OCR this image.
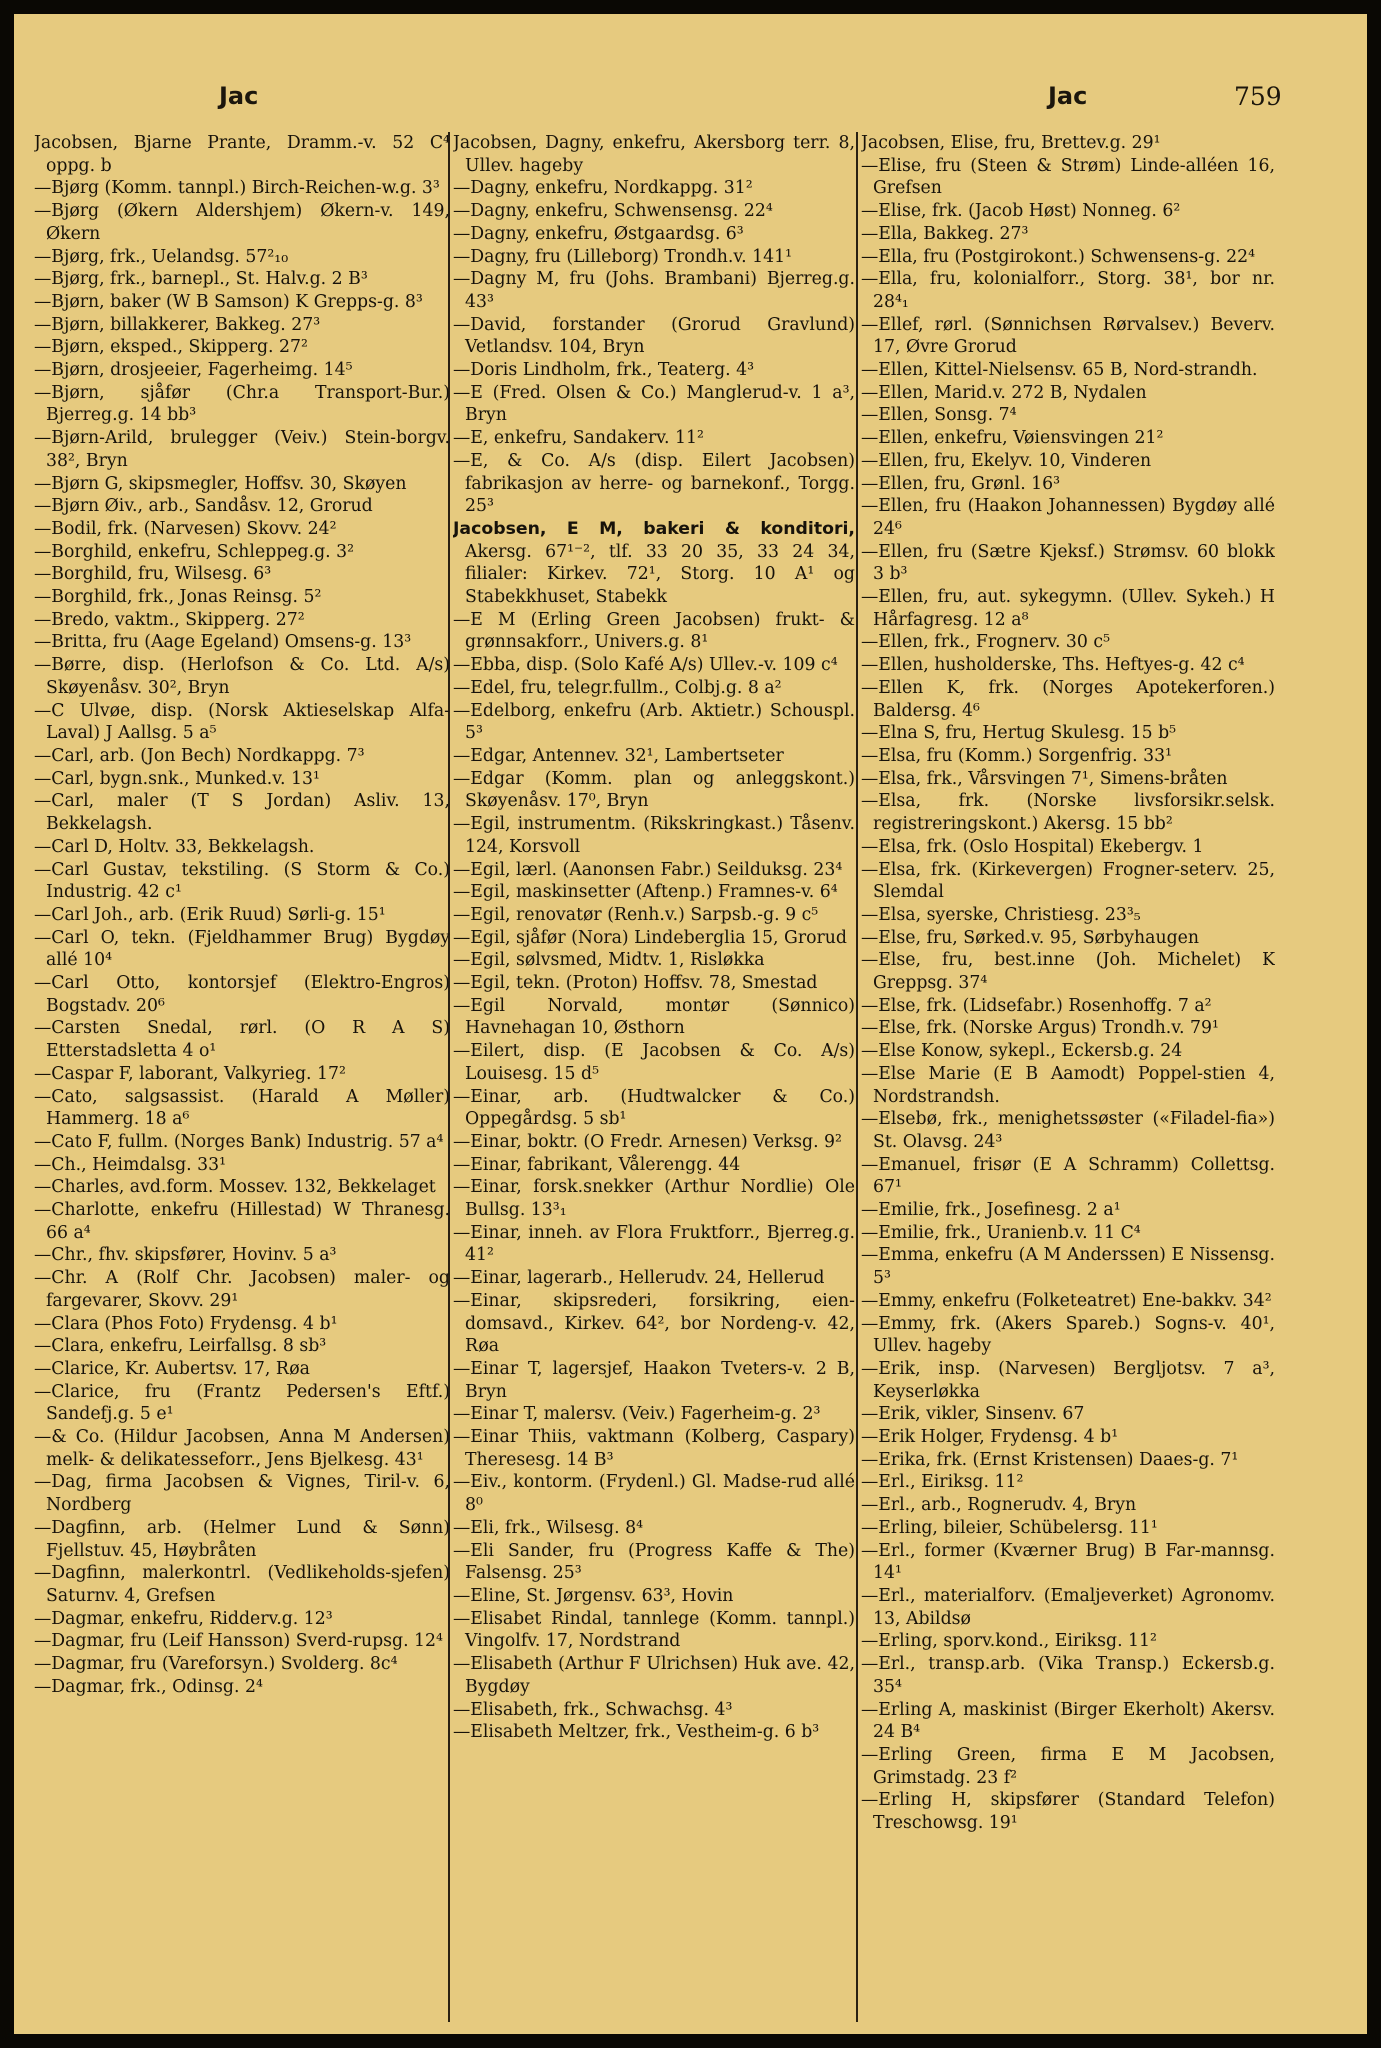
Jac	Jac	759
Jacobsen, Bjarne Prante, Dramm.-v. 52 C⁴ oppg. b
—Bjørg (Komm. tannpl.) Birch-Reichen-w.g. 3³
—Bjørg (Økern Aldershjem) Økern-v. 149, Økern
—Bjørg, frk., Uelandsg. 57²₁₀
—Bjørg, frk., barnepl., St. Halv.g. 2 B³
—Bjørn, baker (W B Samson) K Grepps-g. 8³
—Bjørn, billakkerer, Bakkeg. 27³
—Bjørn, eksped., Skipperg. 27²
—Bjørn, drosjeeier, Fagerheimg. 14⁵
—Bjørn, sjåfør (Chr.a Transport-Bur.) Bjerreg.g. 14 bb³
—Bjørn-Arild, brulegger (Veiv.) Stein-borgv. 38², Bryn
—Bjørn G, skipsmegler, Hoffsv. 30, Skøyen
—Bjørn Øiv., arb., Sandåsv. 12, Grorud
—Bodil, frk. (Narvesen) Skovv. 24²
—Borghild, enkefru, Schleppeg.g. 3²
—Borghild, fru, Wilsesg. 6³
—Borghild, frk., Jonas Reinsg. 5²
—Bredo, vaktm., Skipperg. 27²
—Britta, fru (Aage Egeland) Omsens-g. 13³
—Børre, disp. (Herlofson & Co. Ltd. A/s) Skøyenåsv. 30², Bryn
—C Ulvøe, disp. (Norsk Aktieselskap Alfa-Laval) J Aallsg. 5 a⁵
—Carl, arb. (Jon Bech) Nordkappg. 7³
—Carl, bygn.snk., Munked.v. 13¹
—Carl, maler (T S Jordan) Asliv. 13, Bekkelagsh.
—Carl D, Holtv. 33, Bekkelagsh.
—Carl Gustav, tekstiling. (S Storm & Co.) Industrig. 42 c¹
—Carl Joh., arb. (Erik Ruud) Sørli-g. 15¹
—Carl O, tekn. (Fjeldhammer Brug) Bygdøy allé 10⁴
—Carl Otto, kontorsjef (Elektro-Engros) Bogstadv. 20⁶
—Carsten Snedal, rørl. (O R A S) Etterstadsletta 4 o¹
—Caspar F, laborant, Valkyrieg. 17²
—Cato, salgsassist. (Harald A Møller) Hammerg. 18 a⁶
—Cato F, fullm. (Norges Bank) Industrig. 57 a⁴
—Ch., Heimdalsg. 33¹
—Charles, avd.form. Mossev. 132, Bekkelaget
—Charlotte, enkefru (Hillestad) W Thranesg. 66 a⁴
—Chr., fhv. skipsfører, Hovinv. 5 a³
—Chr. A (Rolf Chr. Jacobsen) maler- og fargevarer, Skovv. 29¹
—Clara (Phos Foto) Frydensg. 4 b¹
—Clara, enkefru, Leirfallsg. 8 sb³
—Clarice, Kr. Aubertsv. 17, Røa
—Clarice, fru (Frantz Pedersen's Eftf.) Sandefj.g. 5 e¹
—& Co. (Hildur Jacobsen, Anna M Andersen) melk- & delikatesseforr., Jens Bjelkesg. 43¹
—Dag, firma Jacobsen & Vignes, Tiril-v. 6, Nordberg
—Dagfinn, arb. (Helmer Lund & Sønn) Fjellstuv. 45, Høybråten
—Dagfinn, malerkontrl. (Vedlikeholds-sjefen) Saturnv. 4, Grefsen
—Dagmar, enkefru, Ridderv.g. 12³
—Dagmar, fru (Leif Hansson) Sverd-rupsg. 12⁴
—Dagmar, fru (Vareforsyn.) Svolderg. 8c⁴
—Dagmar, frk., Odinsg. 2⁴
Jacobsen, Dagny, enkefru, Akersborg terr. 8, Ullev. hageby
—Dagny, enkefru, Nordkappg. 31²
—Dagny, enkefru, Schwensensg. 22⁴
—Dagny, enkefru, Østgaardsg. 6³
—Dagny, fru (Lilleborg) Trondh.v. 141¹
—Dagny M, fru (Johs. Brambani) Bjerreg.g. 43³
—David, forstander (Grorud Gravlund) Vetlandsv. 104, Bryn
—Doris Lindholm, frk., Teaterg. 4³
—E (Fred. Olsen & Co.) Manglerud-v. 1 a³, Bryn
—E, enkefru, Sandakerv. 11²
—E, & Co. A/s (disp. Eilert Jacobsen) fabrikasjon av herre- og barnekonf., Torgg. 25³
Jacobsen, E M, bakeri & konditori, Akersg. 67¹⁻², tlf. 33 20 35, 33 24 34, filialer: Kirkev. 72¹, Storg. 10 A¹ og Stabekkhuset, Stabekk
—E M (Erling Green Jacobsen) frukt- & grønnsakforr., Univers.g. 8¹
—Ebba, disp. (Solo Kafé A/s) Ullev.-v. 109 c⁴
—Edel, fru, telegr.fullm., Colbj.g. 8 a²
—Edelborg, enkefru (Arb. Aktietr.) Schouspl. 5³
—Edgar, Antennev. 32¹, Lambertseter
—Edgar (Komm. plan og anleggskont.) Skøyenåsv. 17⁰, Bryn
—Egil, instrumentm. (Rikskringkast.) Tåsenv. 124, Korsvoll
—Egil, lærl. (Aanonsen Fabr.) Seilduksg. 23⁴
—Egil, maskinsetter (Aftenp.) Framnes-v. 6⁴
—Egil, renovatør (Renh.v.) Sarpsb.-g. 9 c⁵
—Egil, sjåfør (Nora) Lindeberglia 15, Grorud
—Egil, sølvsmed, Midtv. 1, Risløkka
—Egil, tekn. (Proton) Hoffsv. 78, Smestad
—Egil Norvald, montør (Sønnico) Havnehagan 10, Østhorn
—Eilert, disp. (E Jacobsen & Co. A/s) Louisesg. 15 d⁵
—Einar, arb. (Hudtwalcker & Co.) Oppegårdsg. 5 sb¹
—Einar, boktr. (O Fredr. Arnesen) Verksg. 9²
—Einar, fabrikant, Vålerengg. 44
—Einar, forsk.snekker (Arthur Nordlie) Ole Bullsg. 13³₁
—Einar, inneh. av Flora Fruktforr., Bjerreg.g. 41²
—Einar, lagerarb., Hellerudv. 24, Hellerud
—Einar, skipsrederi, forsikring, eien-domsavd., Kirkev. 64², bor Nordeng-v. 42, Røa
—Einar T, lagersjef, Haakon Tveters-v. 2 B, Bryn
—Einar T, malersv. (Veiv.) Fagerheim-g. 2³
—Einar Thiis, vaktmann (Kolberg, Caspary) Theresesg. 14 B³
—Eiv., kontorm. (Frydenl.) Gl. Madse-rud allé 8⁰
—Eli, frk., Wilsesg. 8⁴
—Eli Sander, fru (Progress Kaffe & The) Falsensg. 25³
—Eline, St. Jørgensv. 63³, Hovin
—Elisabet Rindal, tannlege (Komm. tannpl.) Vingolfv. 17, Nordstrand
—Elisabeth (Arthur F Ulrichsen) Huk ave. 42, Bygdøy
—Elisabeth, frk., Schwachsg. 4³
—Elisabeth Meltzer, frk., Vestheim-g. 6 b³
Jacobsen, Elise, fru, Brettev.g. 29¹
—Elise, fru (Steen & Strøm) Linde-alléen 16, Grefsen
—Elise, frk. (Jacob Høst) Nonneg. 6²
—Ella, Bakkeg. 27³
—Ella, fru (Postgirokont.) Schwensens-g. 22⁴
—Ella, fru, kolonialforr., Storg. 38¹, bor nr. 28⁴₁
—Ellef, rørl. (Sønnichsen Rørvalsev.) Beverv. 17, Øvre Grorud
—Ellen, Kittel-Nielsensv. 65 B, Nord-strandh.
—Ellen, Marid.v. 272 B, Nydalen
—Ellen, Sonsg. 7⁴
—Ellen, enkefru, Vøiensvingen 21²
—Ellen, fru, Ekelyv. 10, Vinderen
—Ellen, fru, Grønl. 16³
—Ellen, fru (Haakon Johannessen) Bygdøy allé 24⁶
—Ellen, fru (Sætre Kjeksf.) Strømsv. 60 blokk 3 b³
—Ellen, fru, aut. sykegymn. (Ullev. Sykeh.) H Hårfagresg. 12 a⁸
—Ellen, frk., Frognerv. 30 c⁵
—Ellen, husholderske, Ths. Heftyes-g. 42 c⁴
—Ellen K, frk. (Norges Apotekerforen.) Baldersg. 4⁶
—Elna S, fru, Hertug Skulesg. 15 b⁵
—Elsa, fru (Komm.) Sorgenfrig. 33¹
—Elsa, frk., Vårsvingen 7¹, Simens-bråten
—Elsa, frk. (Norske livsforsikr.selsk. registreringskont.) Akersg. 15 bb²
—Elsa, frk. (Oslo Hospital) Ekebergv. 1
—Elsa, frk. (Kirkevergen) Frogner-seterv. 25, Slemdal
—Elsa, syerske, Christiesg. 23³₅
—Else, fru, Sørked.v. 95, Sørbyhaugen
—Else, fru, best.inne (Joh. Michelet) K Greppsg. 37⁴
—Else, frk. (Lidsefabr.) Rosenhoffg. 7 a²
—Else, frk. (Norske Argus) Trondh.v. 79¹
—Else Konow, sykepl., Eckersb.g. 24
—Else Marie (E B Aamodt) Poppel-stien 4, Nordstrandsh.
—Elsebø, frk., menighetssøster («Filadel-fia») St. Olavsg. 24³
—Emanuel, frisør (E A Schramm) Collettsg. 67¹
—Emilie, frk., Josefinesg. 2 a¹
—Emilie, frk., Uranienb.v. 11 C⁴
—Emma, enkefru (A M Anderssen) E Nissensg. 5³
—Emmy, enkefru (Folketeatret) Ene-bakkv. 34²
—Emmy, frk. (Akers Spareb.) Sogns-v. 40¹, Ullev. hageby
—Erik, insp. (Narvesen) Bergljotsv. 7 a³, Keyserløkka
—Erik, vikler, Sinsenv. 67
—Erik Holger, Frydensg. 4 b¹
—Erika, frk. (Ernst Kristensen) Daaes-g. 7¹
—Erl., Eiriksg. 11²
—Erl., arb., Rognerudv. 4, Bryn
—Erling, bileier, Schübelersg. 11¹
—Erl., former (Kværner Brug) B Far-mannsg. 14¹
—Erl., materialforv. (Emaljeverket) Agronomv. 13, Abildsø
—Erling, sporv.kond., Eiriksg. 11²
—Erl., transp.arb. (Vika Transp.) Eckersb.g. 35⁴
—Erling A, maskinist (Birger Ekerholt) Akersv. 24 B⁴
—Erling Green, firma E M Jacobsen, Grimstadg. 23 f²
—Erling H, skipsfører (Standard Telefon) Treschowsg. 19¹
